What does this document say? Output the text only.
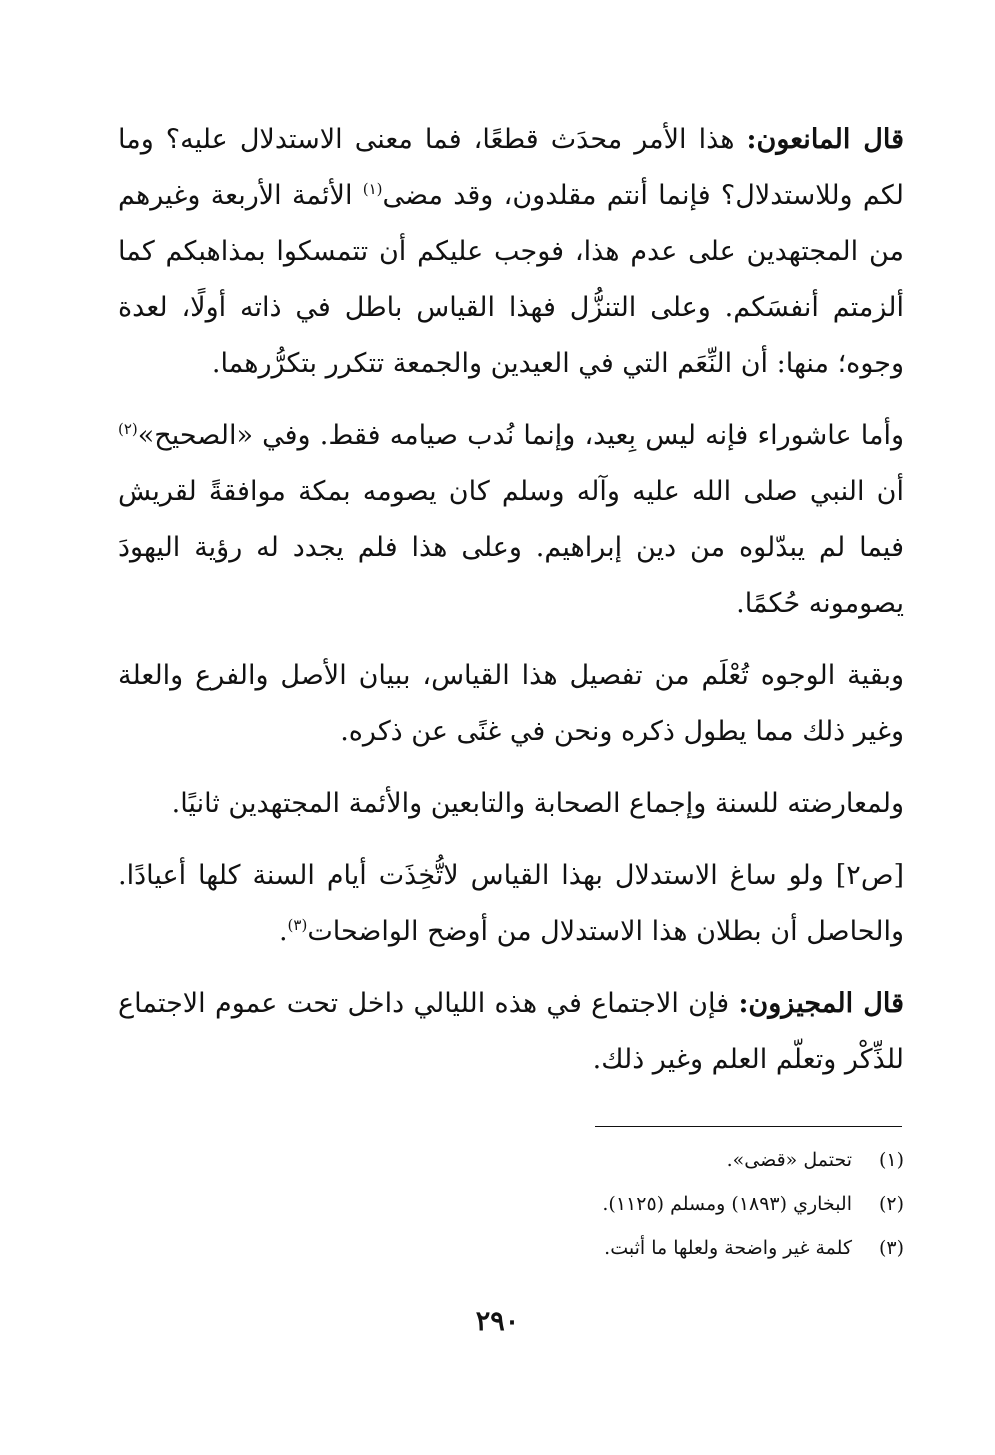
قال المانعون: هذا الأمر محدَث قطعًا، فما معنى الاستدلال عليه؟ وما لكم وللاستدلال؟ فإنما أنتم مقلدون، وقد مضى$^{(١)}$ الأئمة الأربعة وغيرهم من المجتهدين على عدم هذا، فوجب عليكم أن تتمسكوا بمذاهبكم كما ألزمتم أنفسَكم. وعلى التنزُّل فهذا القياس باطل في ذاته أولًا، لعدة وجوه؛ منها: أن النِّعَم التي في العيدين والجمعة تتكرر بتكرُّرهما.

وأما عاشوراء فإنه ليس بِعيد، وإنما نُدب صيامه فقط. وفي «الصحيح»$^{(٢)}$ أن النبي صلى الله عليه وآله وسلم كان يصومه بمكة موافقةً لقريش فيما لم يبدّلوه من دين إبراهيم. وعلى هذا فلم يجدد له رؤية اليهودَ يصومونه حُكمًا.

وبقية الوجوه تُعْلَم من تفصيل هذا القياس، ببيان الأصل والفرع والعلة وغير ذلك مما يطول ذكره ونحن في غنًى عن ذكره.

ولمعارضته للسنة وإجماع الصحابة والتابعين والأئمة المجتهدين ثانيًا.

[ص٢] ولو ساغ الاستدلال بهذا القياس لاتُّخِذَت أيام السنة كلها أعيادًا. والحاصل أن بطلان هذا الاستدلال من أوضح الواضحات$^{(٣)}$.

قال المجيزون: فإن الاجتماع في هذه الليالي داخل تحت عموم الاجتماع للذِّكْر وتعلّم العلم وغير ذلك.

(١)
تحتمل «قضى».
(٢)
البخاري (١٨٩٣) ومسلم (١١٢٥).
(٣)
كلمة غير واضحة ولعلها ما أثبت.
٢٩٠
